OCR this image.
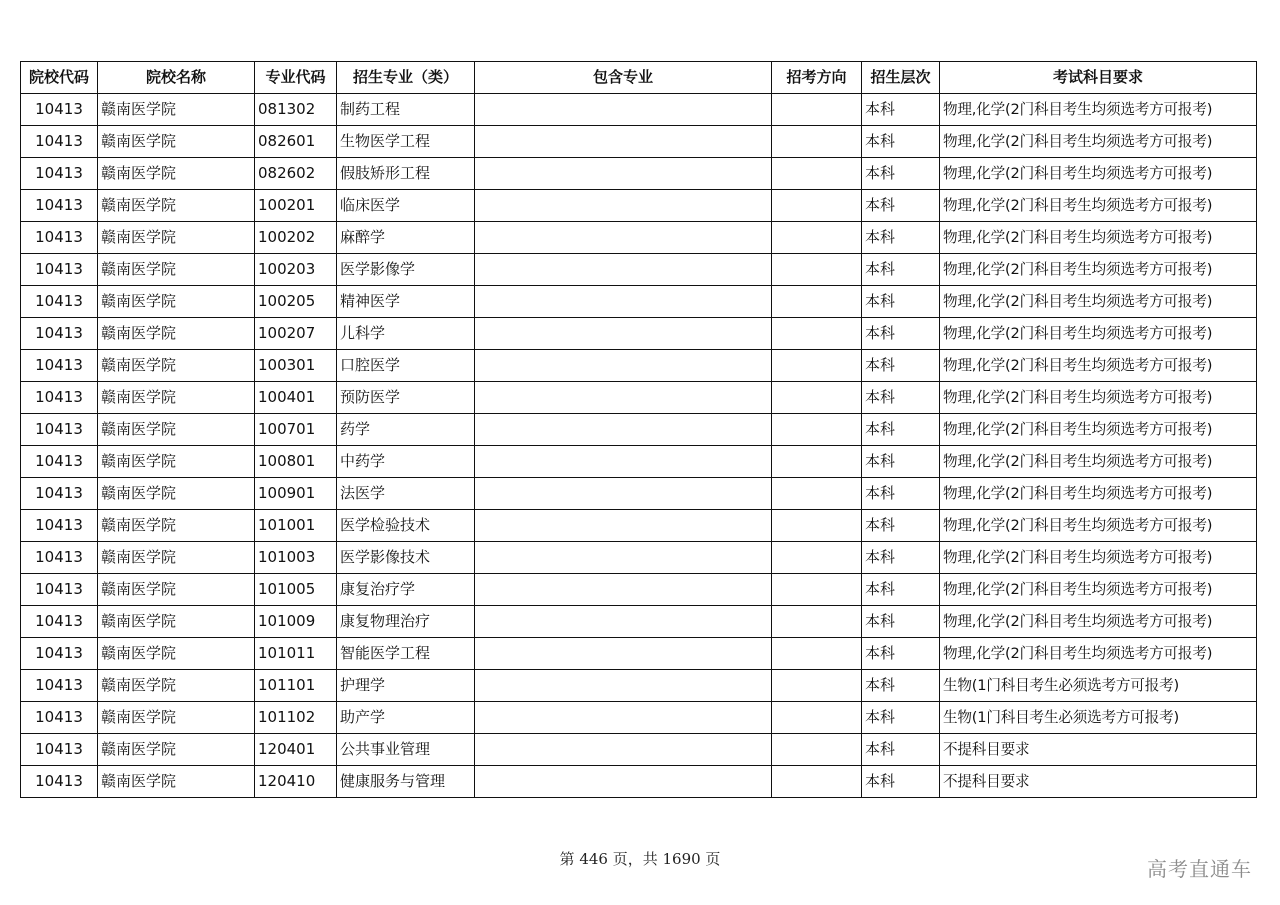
院校代码	院校名称	专业代码	招生专业（类）	包含专业	招考方向	招生层次	考试科目要求
10413	赣南医学院	081302	制药工程			本科	物理,化学(2门科目考生均须选考方可报考)
10413	赣南医学院	082601	生物医学工程			本科	物理,化学(2门科目考生均须选考方可报考)
10413	赣南医学院	082602	假肢矫形工程			本科	物理,化学(2门科目考生均须选考方可报考)
10413	赣南医学院	100201	临床医学			本科	物理,化学(2门科目考生均须选考方可报考)
10413	赣南医学院	100202	麻醉学			本科	物理,化学(2门科目考生均须选考方可报考)
10413	赣南医学院	100203	医学影像学			本科	物理,化学(2门科目考生均须选考方可报考)
10413	赣南医学院	100205	精神医学			本科	物理,化学(2门科目考生均须选考方可报考)
10413	赣南医学院	100207	儿科学			本科	物理,化学(2门科目考生均须选考方可报考)
10413	赣南医学院	100301	口腔医学			本科	物理,化学(2门科目考生均须选考方可报考)
10413	赣南医学院	100401	预防医学			本科	物理,化学(2门科目考生均须选考方可报考)
10413	赣南医学院	100701	药学			本科	物理,化学(2门科目考生均须选考方可报考)
10413	赣南医学院	100801	中药学			本科	物理,化学(2门科目考生均须选考方可报考)
10413	赣南医学院	100901	法医学			本科	物理,化学(2门科目考生均须选考方可报考)
10413	赣南医学院	101001	医学检验技术			本科	物理,化学(2门科目考生均须选考方可报考)
10413	赣南医学院	101003	医学影像技术			本科	物理,化学(2门科目考生均须选考方可报考)
10413	赣南医学院	101005	康复治疗学			本科	物理,化学(2门科目考生均须选考方可报考)
10413	赣南医学院	101009	康复物理治疗			本科	物理,化学(2门科目考生均须选考方可报考)
10413	赣南医学院	101011	智能医学工程			本科	物理,化学(2门科目考生均须选考方可报考)
10413	赣南医学院	101101	护理学			本科	生物(1门科目考生必须选考方可报考)
10413	赣南医学院	101102	助产学			本科	生物(1门科目考生必须选考方可报考)
10413	赣南医学院	120401	公共事业管理			本科	不提科目要求
10413	赣南医学院	120410	健康服务与管理			本科	不提科目要求
第 446 页，共 1690 页	高考直通车
